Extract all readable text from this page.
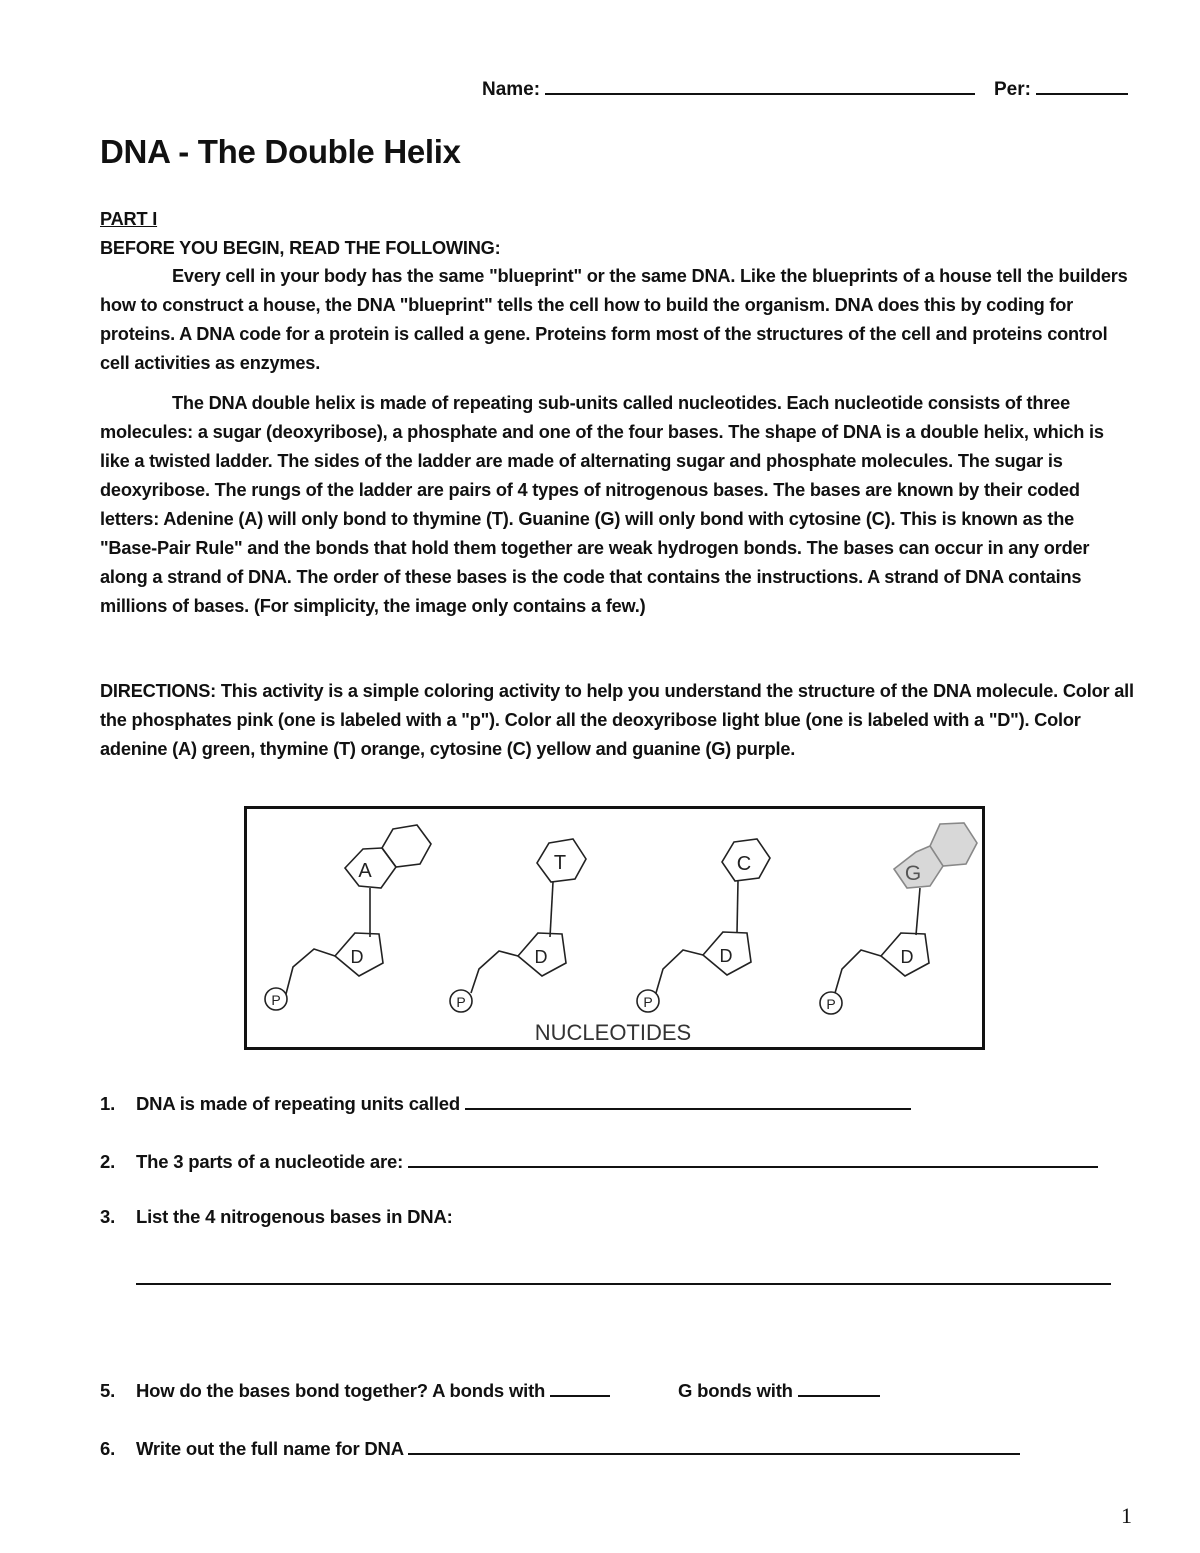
Name:	Per:
DNA - The Double Helix
PART I
BEFORE YOU BEGIN, READ THE FOLLOWING:
Every cell in your body has the same "blueprint" or the same DNA. Like the blueprints of a house tell the builders how to construct a house, the DNA "blueprint" tells the cell how to build the organism. DNA does this by coding for proteins. A DNA code for a protein is called a gene. Proteins form most of the structures of the cell and proteins control cell activities as enzymes.
The DNA double helix is made of repeating sub-units called nucleotides. Each nucleotide consists of three molecules: a sugar (deoxyribose), a phosphate and one of the four bases. The shape of DNA is a double helix, which is like a twisted ladder. The sides of the ladder are made of alternating sugar and phosphate molecules. The sugar is deoxyribose. The rungs of the ladder are pairs of 4 types of nitrogenous bases. The bases are known by their coded letters: Adenine (A) will only bond to thymine (T). Guanine (G) will only bond with cytosine (C). This is known as the "Base-Pair Rule" and the bonds that hold them together are weak hydrogen bonds. The bases can occur in any order along a strand of DNA. The order of these bases is the code that contains the instructions. A strand of DNA contains millions of bases. (For simplicity, the image only contains a few.)
DIRECTIONS: This activity is a simple coloring activity to help you understand the structure of the DNA molecule. Color all the phosphates pink (one is labeled with a "p"). Color all the deoxyribose light blue (one is labeled with a "D"). Color adenine (A) green, thymine (T) orange, cytosine (C) yellow and guanine (G) purple.
A
D
P
T
D
P
C
D
P
G
D
P
NUCLEOTIDES
1. DNA is made of repeating units called
2. The 3 parts of a nucleotide are:
3. List the 4 nitrogenous bases in DNA:
5. How do the bases bond together? A bonds with	G bonds with
6. Write out the full name for DNA
1
